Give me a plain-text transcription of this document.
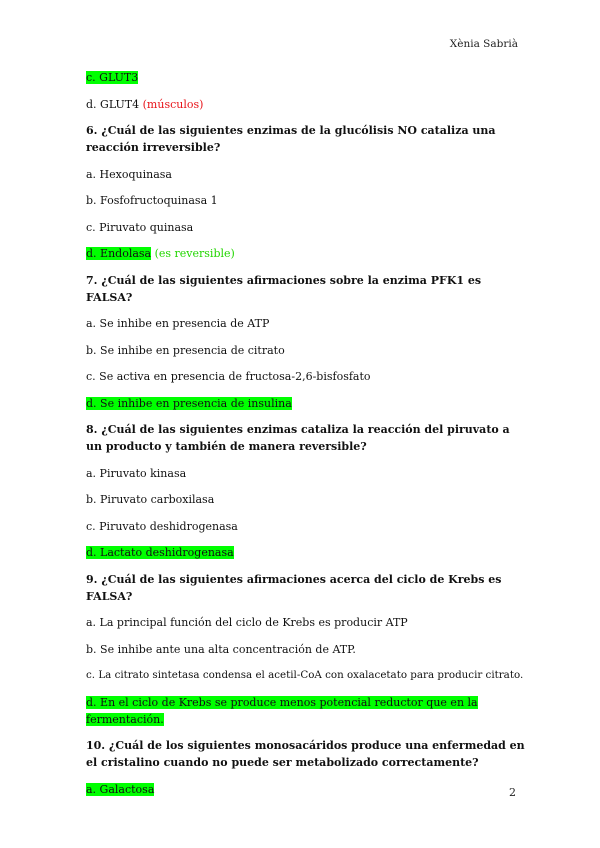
Xènia Sabrià
c. GLUT3
d. GLUT4 (músculos)
6. ¿Cuál de las siguientes enzimas de la glucólisis NO cataliza una reacción irreversible?
a. Hexoquinasa
b. Fosfofructoquinasa 1
c. Piruvato quinasa
d. Endolasa (es reversible)
7. ¿Cuál de las siguientes afirmaciones sobre la enzima PFK1 es FALSA?
a. Se inhibe en presencia de ATP
b. Se inhibe en presencia de citrato
c. Se activa en presencia de fructosa-2,6-bisfosfato
d. Se inhibe en presencia de insulina
8. ¿Cuál de las siguientes enzimas cataliza la reacción del piruvato a un producto y también de manera reversible?
a. Piruvato kinasa
b. Piruvato carboxilasa
c. Piruvato deshidrogenasa
d. Lactato deshidrogenasa
9. ¿Cuál de las siguientes afirmaciones acerca del ciclo de Krebs es FALSA?
a. La principal función del ciclo de Krebs es producir ATP
b. Se inhibe ante una alta concentración de ATP.
c. La citrato sintetasa condensa el acetil-CoA con oxalacetato para producir citrato.
d. En el ciclo de Krebs se produce menos potencial reductor que en la
fermentación.
10. ¿Cuál de los siguientes monosacáridos produce una enfermedad en el cristalino cuando no puede ser metabolizado correctamente?
a. Galactosa	2
